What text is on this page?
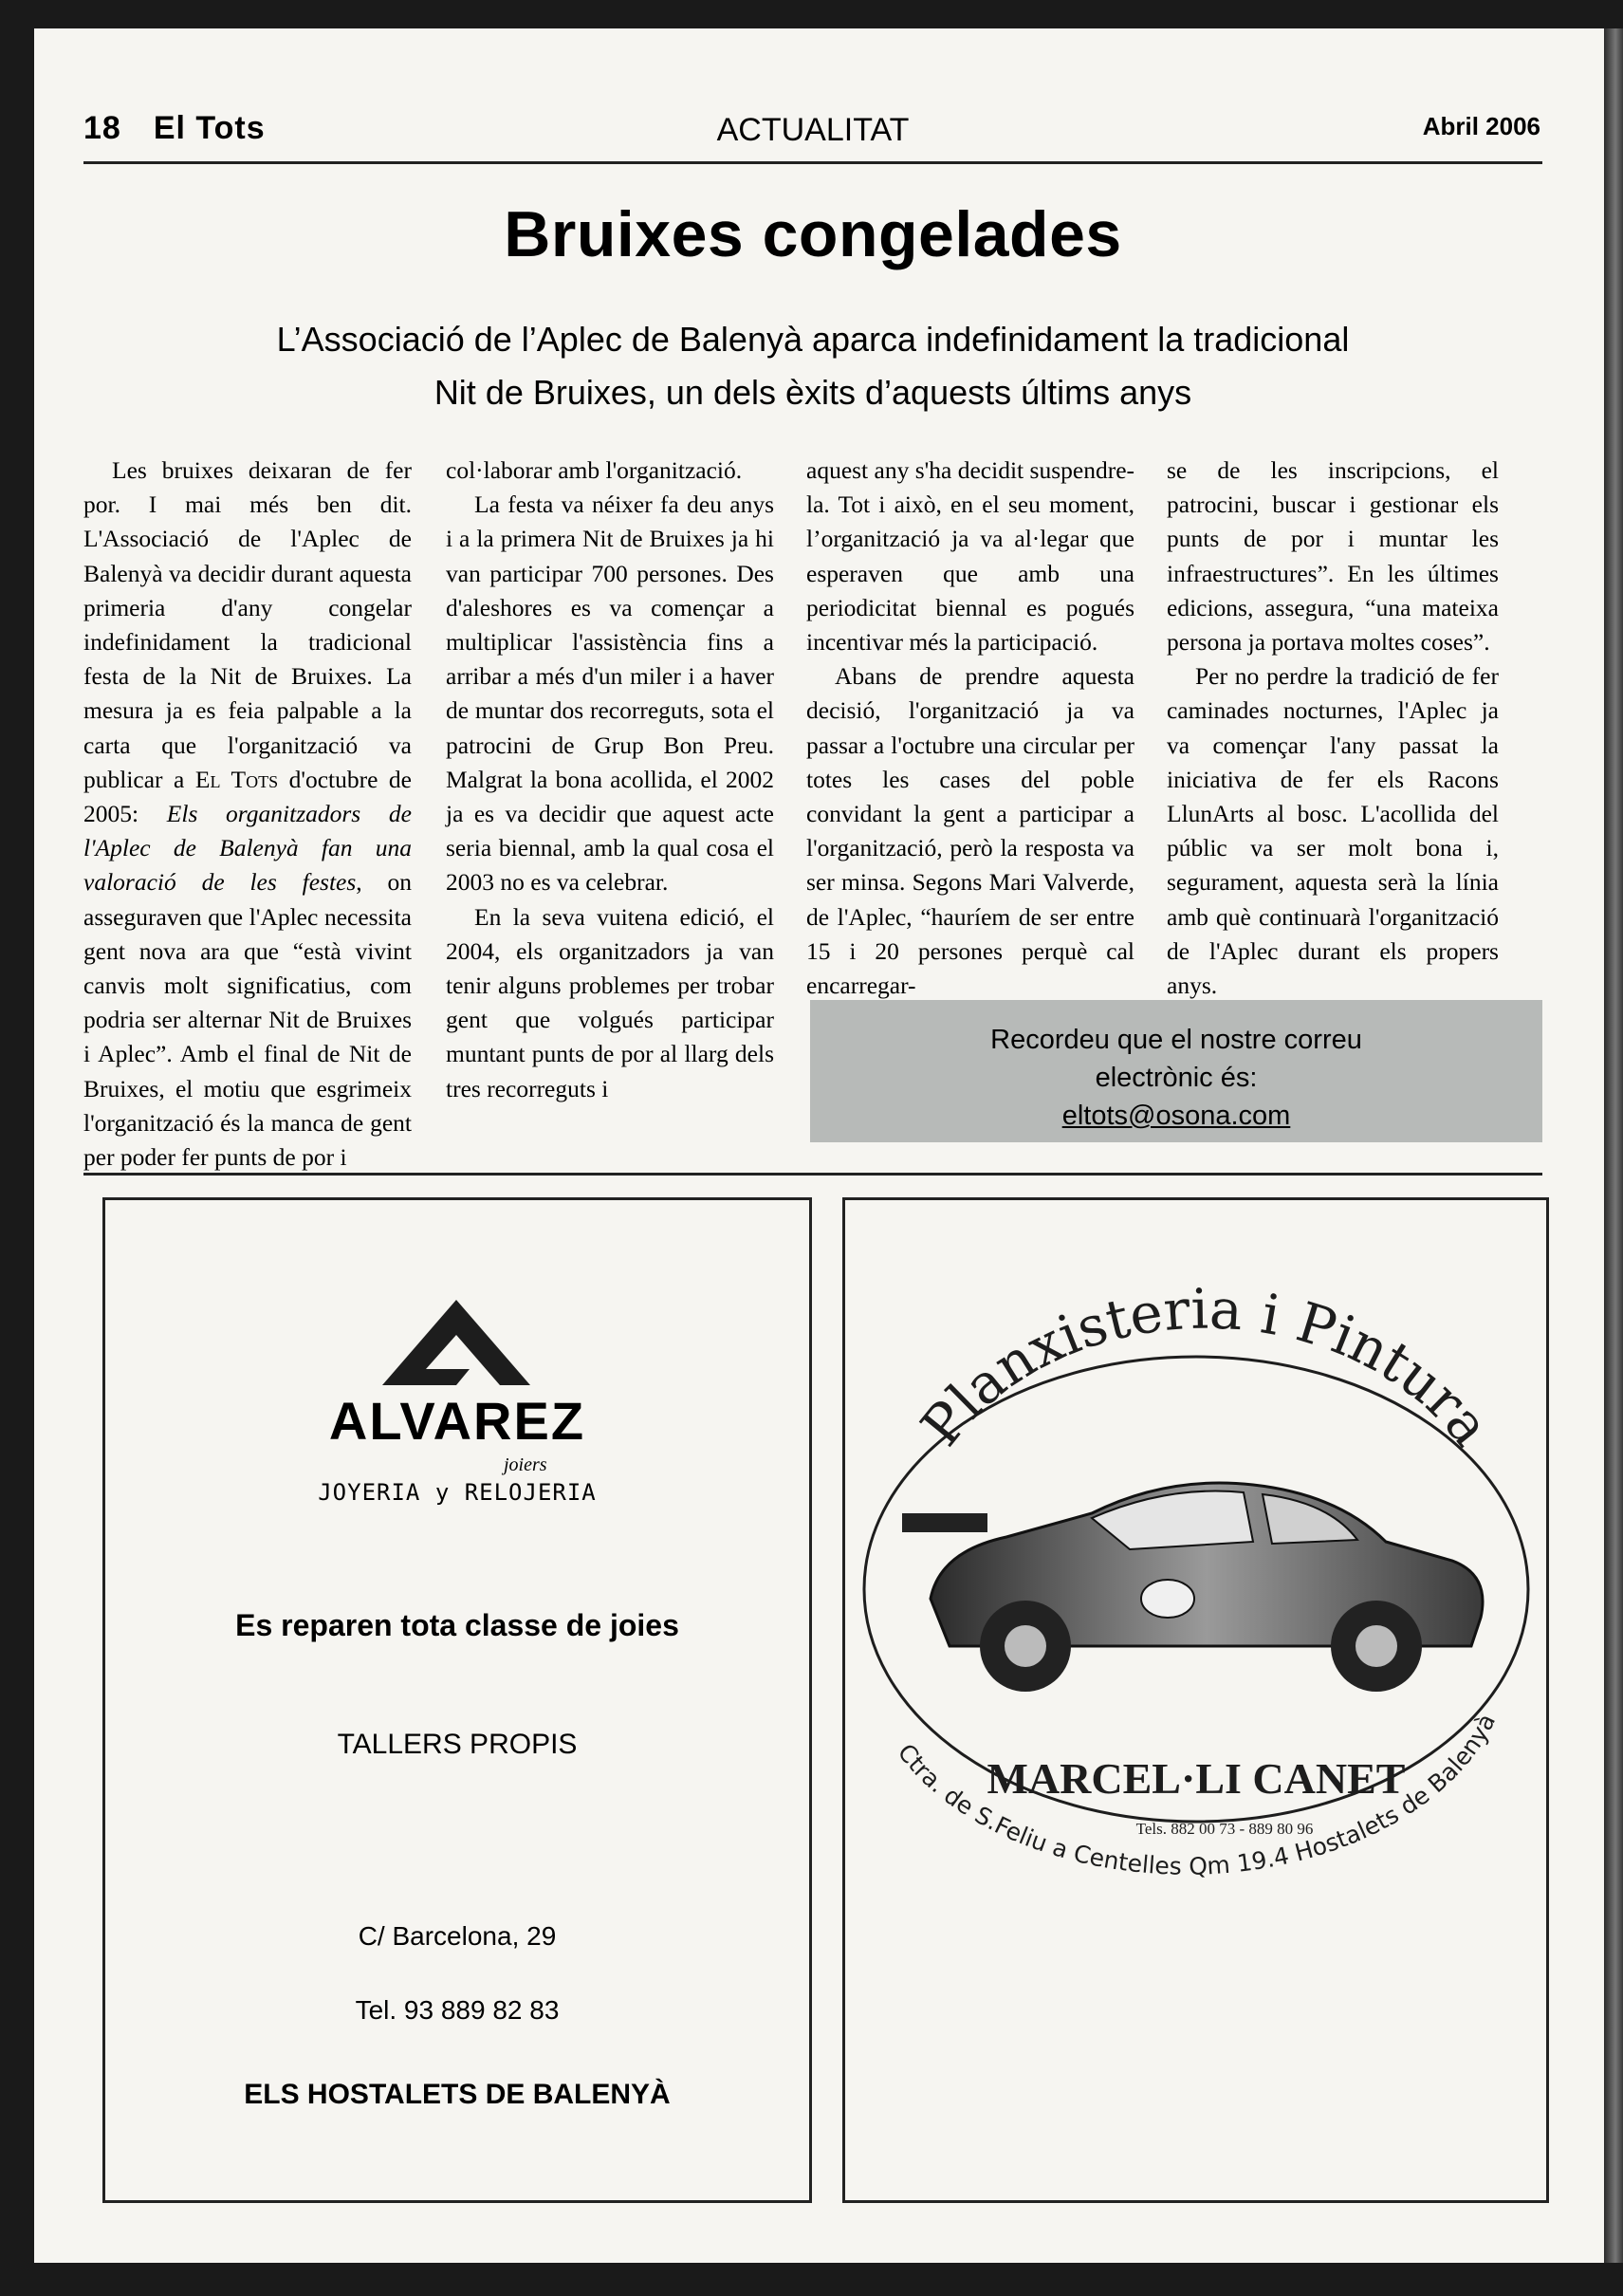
18 El Tots	ACTUALITAT	Abril 2006
Bruixes congelades
L’Associació de l’Aplec de Balenyà aparca indefinidament la tradicional
Nit de Bruixes, un dels èxits d’aquests últims anys

Les bruixes deixaran de fer por. I mai més ben dit. L'Associació de l'Aplec de Balenyà va decidir durant aquesta primeria d'any congelar indefinidament la tradicional festa de la Nit de Bruixes. La mesura ja es feia palpable a la carta que l'organització va publicar a El Tots d'octubre de 2005: Els organitzadors de l'Aplec de Balenyà fan una valoració de les festes, on asseguraven que l'Aplec necessita gent nova ara que “està vivint canvis molt significatius, com podria ser alternar Nit de Bruixes i Aplec”. Amb el final de Nit de Bruixes, el motiu que esgrimeix l'organització és la manca de gent per poder fer punts de por i

col·laborar amb l'organització.

La festa va néixer fa deu anys i a la primera Nit de Bruixes ja hi van participar 700 persones. Des d'aleshores es va començar a multiplicar l'assistència fins a arribar a més d'un miler i a haver de muntar dos recorreguts, sota el patrocini de Grup Bon Preu. Malgrat la bona acollida, el 2002 ja es va decidir que aquest acte seria biennal, amb la qual cosa el 2003 no es va celebrar.

En la seva vuitena edició, el 2004, els organitzadors ja van tenir alguns problemes per trobar gent que volgués participar muntant punts de por al llarg dels tres recorreguts i

aquest any s'ha decidit suspendre-la. Tot i això, en el seu moment, l’organització ja va al·legar que esperaven que amb una periodicitat biennal es pogués incentivar més la participació.

Abans de prendre aquesta decisió, l'organització ja va passar a l'octubre una circular per totes les cases del poble convidant la gent a participar a l'organització, però la resposta va ser minsa. Segons Mari Valverde, de l'Aplec, “hauríem de ser entre 15 i 20 persones perquè cal encarregar-

se de les inscripcions, el patrocini, buscar i gestionar els punts de por i muntar les infraestructures”. En les últimes edicions, assegura, “una mateixa persona ja portava moltes coses”.

Per no perdre la tradició de fer caminades nocturnes, l'Aplec ja va començar l'any passat la iniciativa de fer els Racons LlunArts al bosc. L'acollida del públic va ser molt bona i, segurament, aquesta serà la línia amb què continuarà l'organització de l'Aplec durant els propers anys.

Recordeu que el nostre correu
electrònic és:
eltots@osona.com
ALVAREZ
joiers
JOYERIA y RELOJERIA
Es reparen tota classe de joies
TALLERS PROPIS
C/ Barcelona, 29
Tel. 93 889 82 83
ELS HOSTALETS DE BALENYÀ
Planxisteria i Pintura
MARCEL·LI CANET
Tels. 882 00 73 - 889 80 96
Ctra. de S.Feliu a Centelles Qm 19.4 Hostalets de Balenyà
